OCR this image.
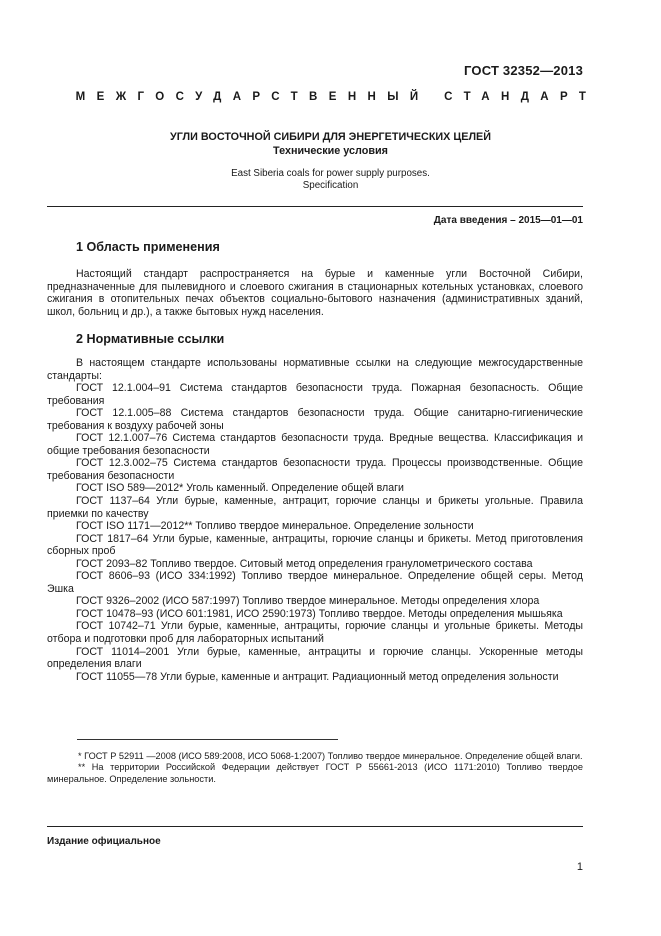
ГОСТ 32352—2013
МЕЖГОСУДАРСТВЕННЫЙ СТАНДАРТ
УГЛИ ВОСТОЧНОЙ СИБИРИ ДЛЯ ЭНЕРГЕТИЧЕСКИХ ЦЕЛЕЙ
Технические условия
East Siberia coals for power supply purposes.
Specification
Дата введения – 2015—01—01
1 Область применения

Настоящий стандарт распространяется на бурые и каменные угли Восточной Сибири, предназначенные для пылевидного и слоевого сжигания в стационарных котельных установках, слоевого сжигания в отопительных печах объектов социально-бытового назначения (административных зданий, школ, больниц и др.), а также бытовых нужд населения.

2 Нормативные ссылки
В настоящем стандарте использованы нормативные ссылки на следующие межгосударственные стандарты:
ГОСТ 12.1.004–91 Система стандартов безопасности труда. Пожарная безопасность. Общие требования
ГОСТ 12.1.005–88 Система стандартов безопасности труда. Общие санитарно-гигиенические требования к воздуху рабочей зоны
ГОСТ 12.1.007–76 Система стандартов безопасности труда. Вредные вещества. Классификация и общие требования безопасности
ГОСТ 12.3.002–75 Система стандартов безопасности труда. Процессы производственные. Общие требования безопасности
ГОСТ ISO 589—2012* Уголь каменный. Определение общей влаги
ГОСТ 1137–64 Угли бурые, каменные, антрацит, горючие сланцы и брикеты угольные. Правила приемки по качеству
ГОСТ ISO 1171—2012** Топливо твердое минеральное. Определение зольности
ГОСТ 1817–64 Угли бурые, каменные, антрациты, горючие сланцы и брикеты. Метод приготовления сборных проб
ГОСТ 2093–82 Топливо твердое. Ситовый метод определения гранулометрического состава
ГОСТ 8606–93 (ИСО 334:1992) Топливо твердое минеральное. Определение общей серы. Метод Эшка
ГОСТ 9326–2002 (ИСО 587:1997) Топливо твердое минеральное. Методы определения хлора
ГОСТ 10478–93 (ИСО 601:1981, ИСО 2590:1973) Топливо твердое. Методы определения мышьяка
ГОСТ 10742–71 Угли бурые, каменные, антрациты, горючие сланцы и угольные брикеты. Методы отбора и подготовки проб для лабораторных испытаний
ГОСТ 11014–2001 Угли бурые, каменные, антрациты и горючие сланцы. Ускоренные методы определения влаги
ГОСТ 11055—78 Угли бурые, каменные и антрацит. Радиационный метод определения зольности
* ГОСТ Р 52911 —2008 (ИСО 589:2008, ИСО 5068-1:2007) Топливо твердое минеральное. Определение общей влаги.
** На территории Российской Федерации действует ГОСТ Р 55661-2013 (ИСО 1171:2010) Топливо твердое минеральное. Определение зольности.
Издание официальное
1
